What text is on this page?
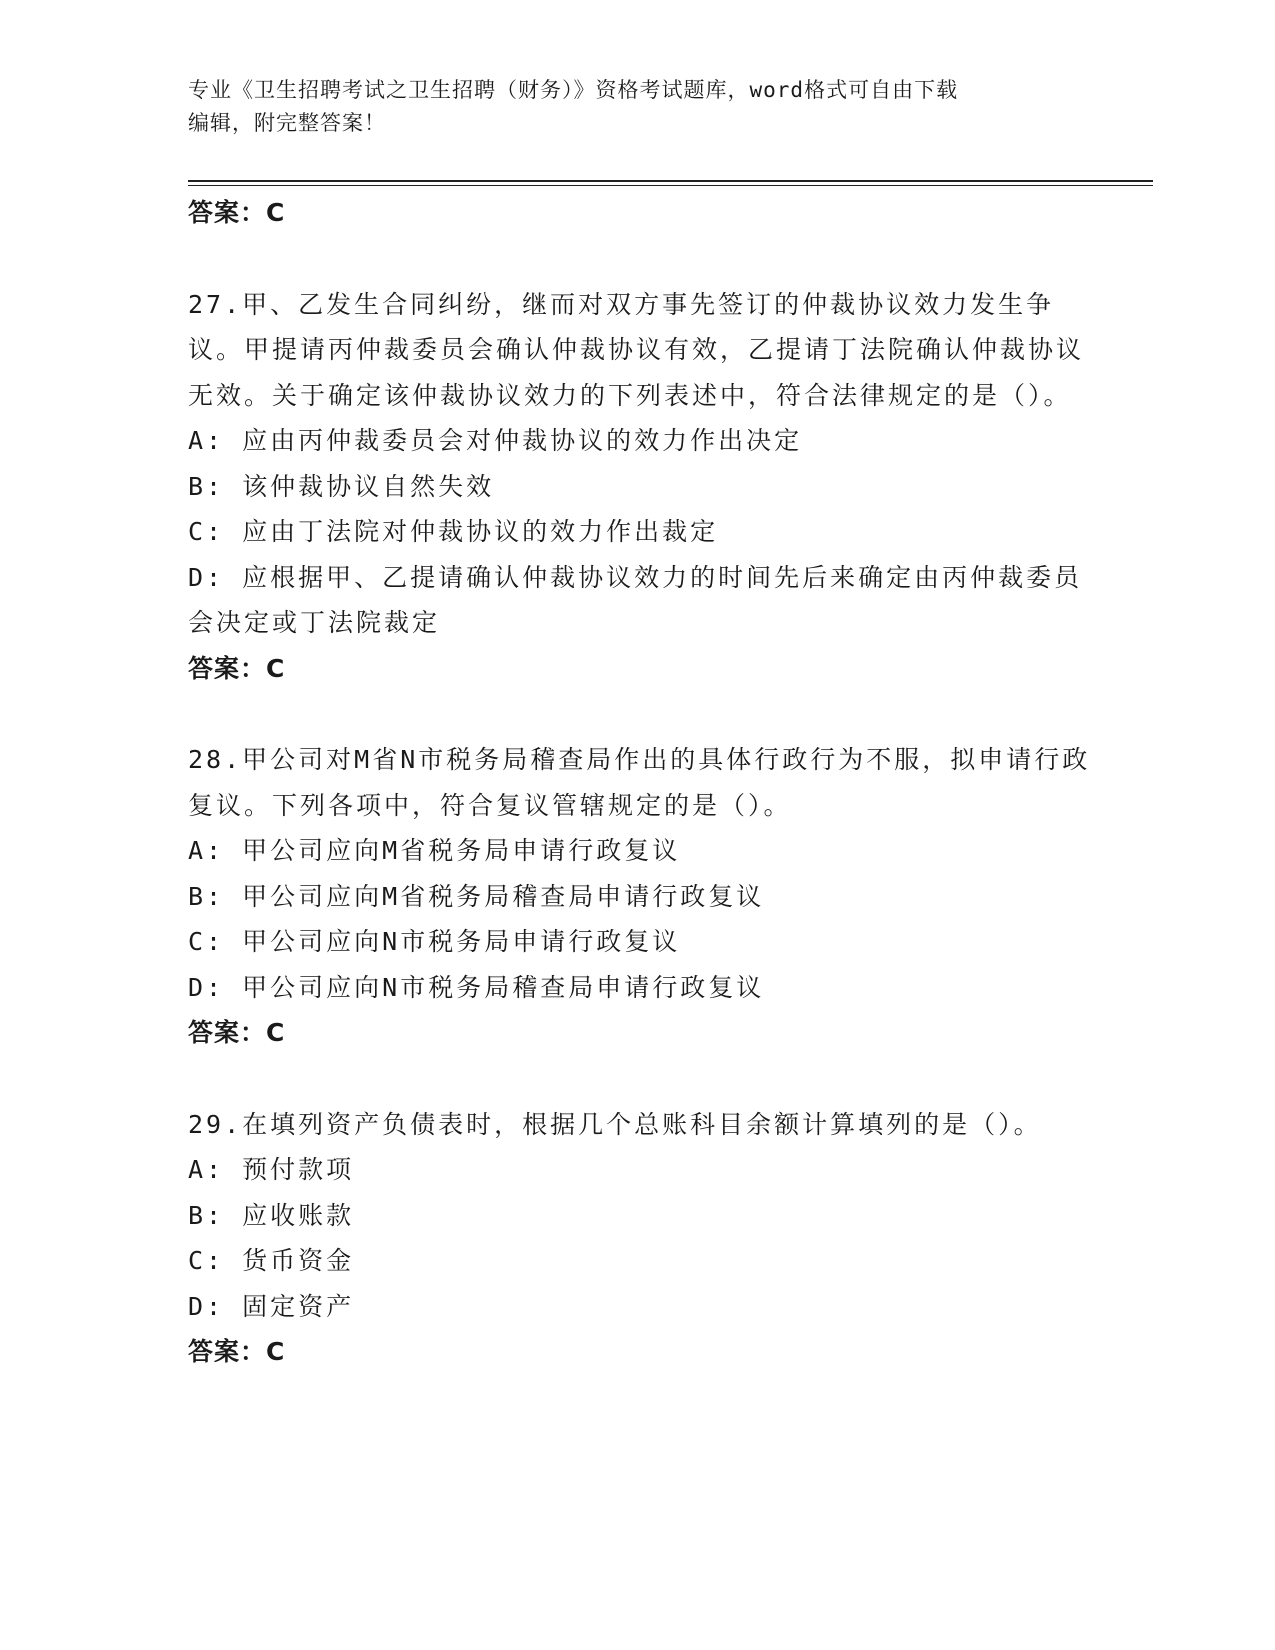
专业《卫生招聘考试之卫生招聘（财务）》资格考试题库，word格式可自由下载
编辑，附完整答案！

答案：C

27.甲、乙发生合同纠纷，继而对双方事先签订的仲裁协议效力发生争议。甲提请丙仲裁委员会确认仲裁协议有效，乙提请丁法院确认仲裁协议无效。关于确定该仲裁协议效力的下列表述中，符合法律规定的是（）。

A: 应由丙仲裁委员会对仲裁协议的效力作出决定

B: 该仲裁协议自然失效

C: 应由丁法院对仲裁协议的效力作出裁定

D: 应根据甲、乙提请确认仲裁协议效力的时间先后来确定由丙仲裁委员会决定或丁法院裁定

答案：C

28.甲公司对M省N市税务局稽查局作出的具体行政行为不服，拟申请行政复议。下列各项中，符合复议管辖规定的是（）。

A: 甲公司应向M省税务局申请行政复议

B: 甲公司应向M省税务局稽查局申请行政复议

C: 甲公司应向N市税务局申请行政复议

D: 甲公司应向N市税务局稽查局申请行政复议

答案：C

29.在填列资产负债表时，根据几个总账科目余额计算填列的是（）。

A: 预付款项

B: 应收账款

C: 货币资金

D: 固定资产

答案：C
